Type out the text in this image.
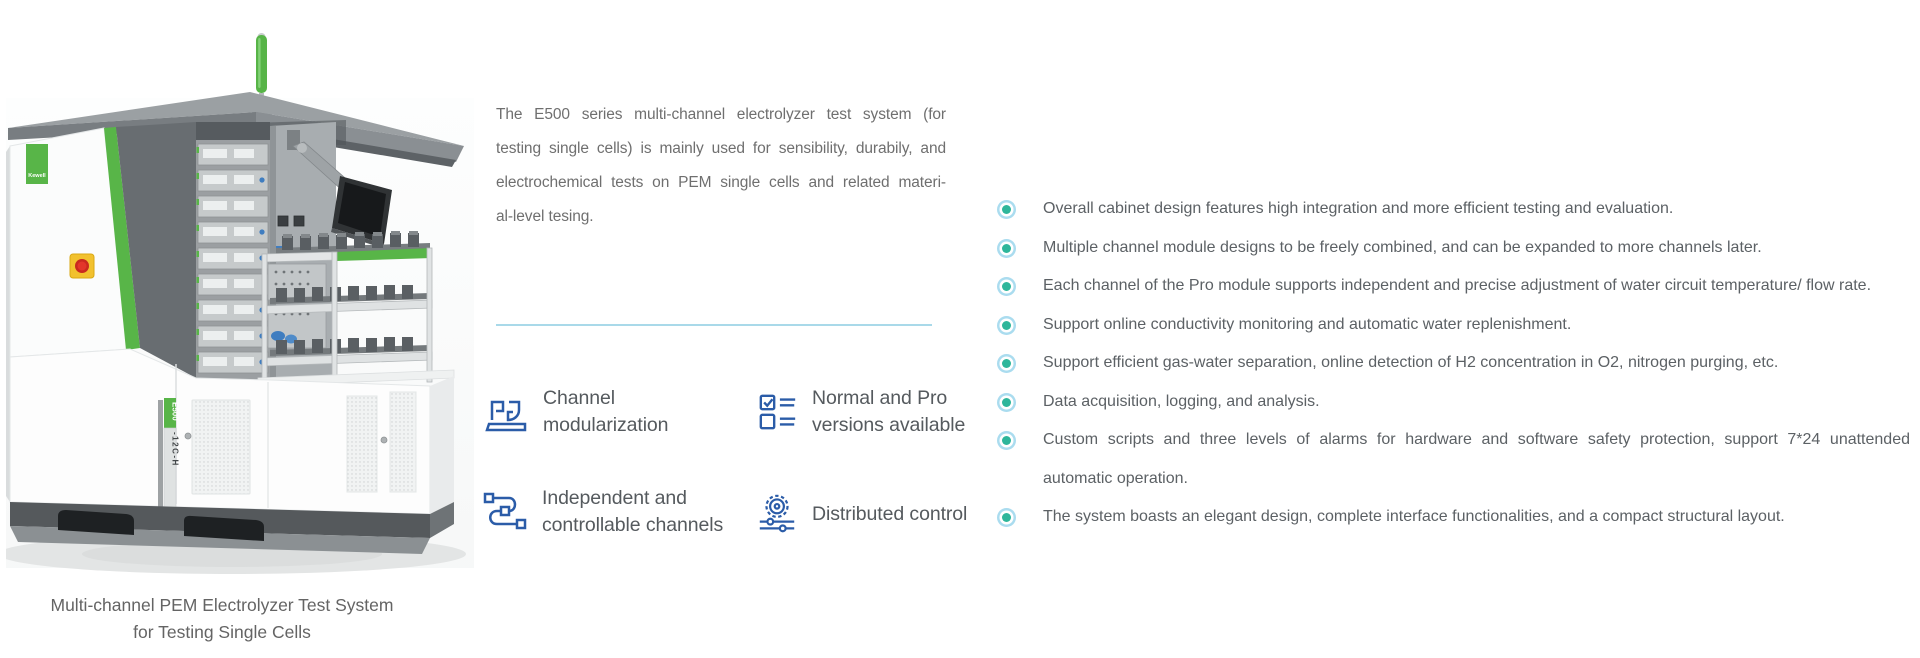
E500
-12C-H
Kewell
Multi-channel PEM Electrolyzer Test System
for Testing Single Cells
The E500 series multi-channel electrolyzer test system (for
testing single cells) is mainly used for sensibility, durabily, and
electrochemical tests on PEM single cells and related materi-
al-level tesing.
Channel
modularization
Normal and Pro
versions available
Independent and
controllable channels
Distributed control
Overall cabinet design features high integration and more efficient testing and evaluation.
Multiple channel module designs to be freely combined, and can be expanded to more channels later.
Each channel of the Pro module supports independent and precise adjustment of water circuit temperature/ flow rate.
Support online conductivity monitoring and automatic water replenishment.
Support efficient gas-water separation, online detection of H2 concentration in O2, nitrogen purging, etc.
Data acquisition, logging, and analysis.
Custom scripts and three levels of alarms for hardware and software safety protection, support 7*24 unattended
automatic operation.
The system boasts an elegant design, complete interface functionalities, and a compact structural layout.
